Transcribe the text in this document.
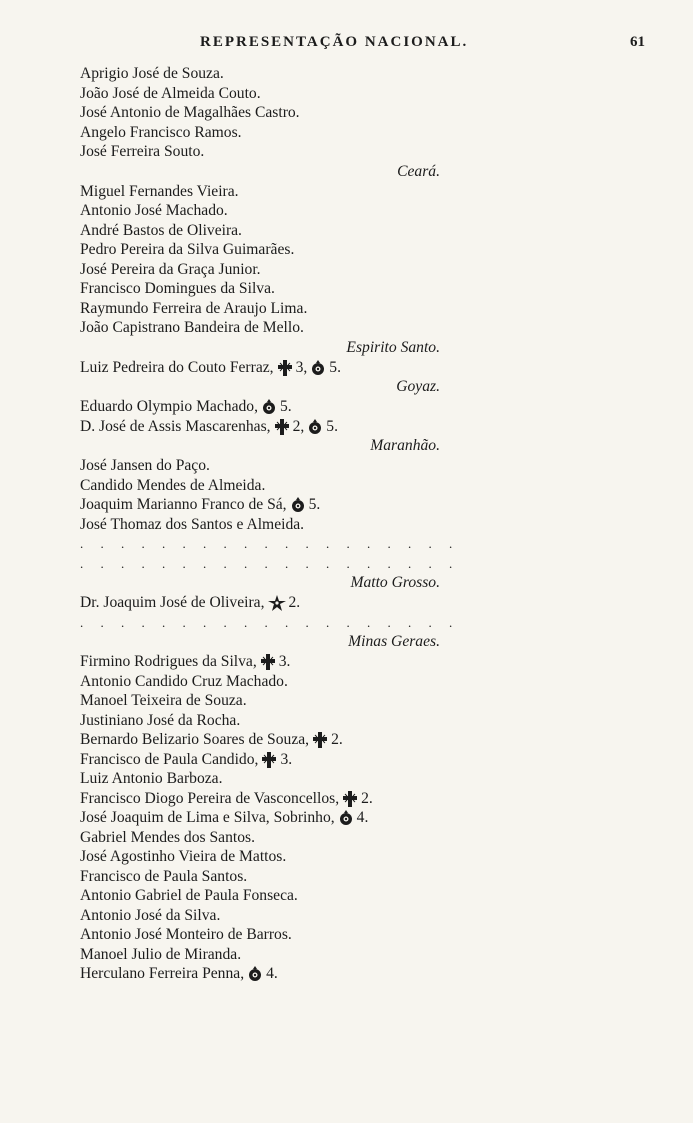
REPRESENTAÇÃO NACIONAL.	61
Aprigio José de Souza.
João José de Almeida Couto.
José Antonio de Magalhães Castro.
Angelo Francisco Ramos.
José Ferreira Souto.
Ceará.
Miguel Fernandes Vieira.
Antonio José Machado.
André Bastos de Oliveira.
Pedro Pereira da Silva Guimarães.
José Pereira da Graça Junior.
Francisco Domingues da Silva.
Raymundo Ferreira de Araujo Lima.
João Capistrano Bandeira de Mello.
Espirito Santo.
Luiz Pedreira do Couto Ferraz, 3, 5.
Goyaz.
Eduardo Olympio Machado, 5.
D. José de Assis Mascarenhas, 2, 5.
Maranhão.
José Jansen do Paço.
Candido Mendes de Almeida.
Joaquim Marianno Franco de Sá, 5.
José Thomaz dos Santos e Almeida.
. . . . . . . . . . . . . . . . . . .
. . . . . . . . . . . . . . . . . . .
Matto Grosso.
Dr. Joaquim José de Oliveira, 2.
. . . . . . . . . . . . . . . . . . .
Minas Geraes.
Firmino Rodrigues da Silva, 3.
Antonio Candido Cruz Machado.
Manoel Teixeira de Souza.
Justiniano José da Rocha.
Bernardo Belizario Soares de Souza, 2.
Francisco de Paula Candido, 3.
Luiz Antonio Barboza.
Francisco Diogo Pereira de Vasconcellos, 2.
José Joaquim de Lima e Silva, Sobrinho, 4.
Gabriel Mendes dos Santos.
José Agostinho Vieira de Mattos.
Francisco de Paula Santos.
Antonio Gabriel de Paula Fonseca.
Antonio José da Silva.
Antonio José Monteiro de Barros.
Manoel Julio de Miranda.
Herculano Ferreira Penna, 4.
